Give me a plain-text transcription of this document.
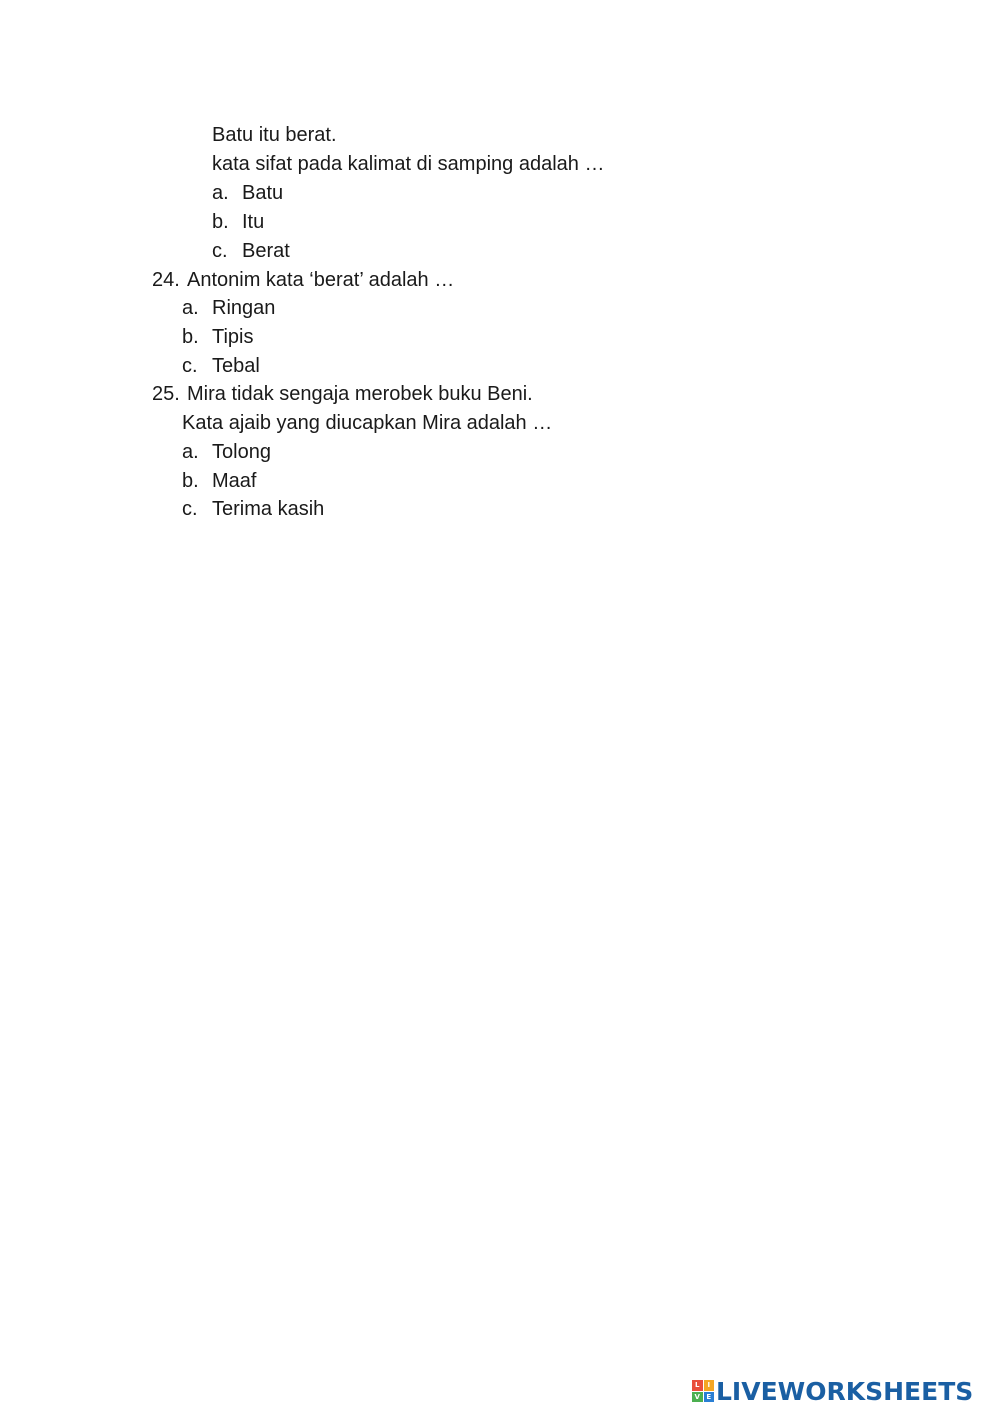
Batu itu berat.
kata sifat pada kalimat di samping adalah …
a. Batu
b. Itu
c. Berat
24. Antonim kata ‘berat’ adalah …
a. Ringan
b. Tipis
c. Tebal
25. Mira tidak sengaja merobek buku Beni.
Kata ajaib yang diucapkan Mira adalah …
a. Tolong
b. Maaf
c. Terima kasih
L	I
V E LIVEWORKSHEETS
